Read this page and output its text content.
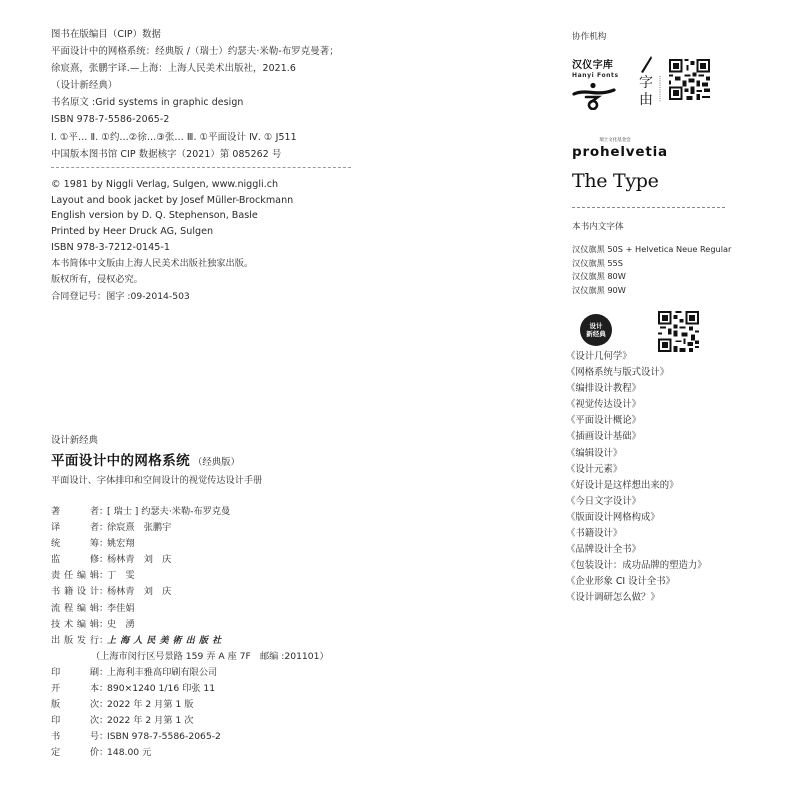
图书在版编目（CIP）数据
平面设计中的网格系统：经典版 /（瑞士）约瑟夫·米勒-布罗克曼著；
徐宸熹，张鹏宇译.—上海：上海人民美术出版社，2021.6
（设计新经典）
书名原文 :Grid systems in graphic design
ISBN 978-7-5586-2065-2
Ⅰ. ①平… Ⅱ. ①约…②徐…③张… Ⅲ. ①平面设计 Ⅳ. ① J511
中国版本图书馆 CIP 数据核字（2021）第 085262 号
© 1981 by Niggli Verlag, Sulgen, www.niggli.ch
Layout and book jacket by Josef Müller-Brockmann
English version by D. Q. Stephenson, Basle
Printed by Heer Druck AG, Sulgen
ISBN 978-3-7212-0145-1
本书简体中文版由上海人民美术出版社独家出版。
版权所有，侵权必究。
合同登记号：图字 :09-2014-503
设计新经典
平面设计中的网格系统 （经典版）
平面设计、字体排印和空间设计的视觉传达设计手册
著	者 ：
[ 瑞士 ] 约瑟夫·米勒-布罗克曼
译	者 ：
徐宸熹　张鹏宇
统	筹 ：
姚宏翔
监	修 ：
杨林青　刘　庆
责 任 编 辑 ：
丁　雯
书 籍 设 计 ：
杨林青　刘　庆
流 程 编 辑 ：
李佳娟
技 术 编 辑 ：
史　湧
出 版 发 行 ：
上 海 人 民 美 術 出 版 社
（上海市闵行区号景路 159 弄 A 座 7F　邮编 :201101）
印	刷 ：
上海利丰雅高印刷有限公司
开	本 ：
890×1240 1/16 印张 11
版	次 ：
2022 年 2 月第 1 版
印	次 ：
2022 年 2 月第 1 次
书	号 ：
ISBN 978-7-5586-2065-2
定	价 ：
148.00 元
协作机构
汉仪字库
Hanyi Fonts 字
由
瑞士文化基金会
prohelvetia
The Type
本书内文字体
汉仪旗黑 50S + Helvetica Neue Regular
汉仪旗黑 55S
汉仪旗黑 80W
汉仪旗黑 90W
设计
新经典
《设计几何学》
《网格系统与版式设计》
《编排设计教程》
《视觉传达设计》
《平面设计概论》
《插画设计基础》
《编辑设计》
《设计元素》
《好设计是这样想出来的》
《今日文字设计》
《版面设计网格构成》
《书籍设计》
《品牌设计全书》
《包装设计：成功品牌的塑造力》
《企业形象 CI 设计全书》
《设计调研怎么做？》
